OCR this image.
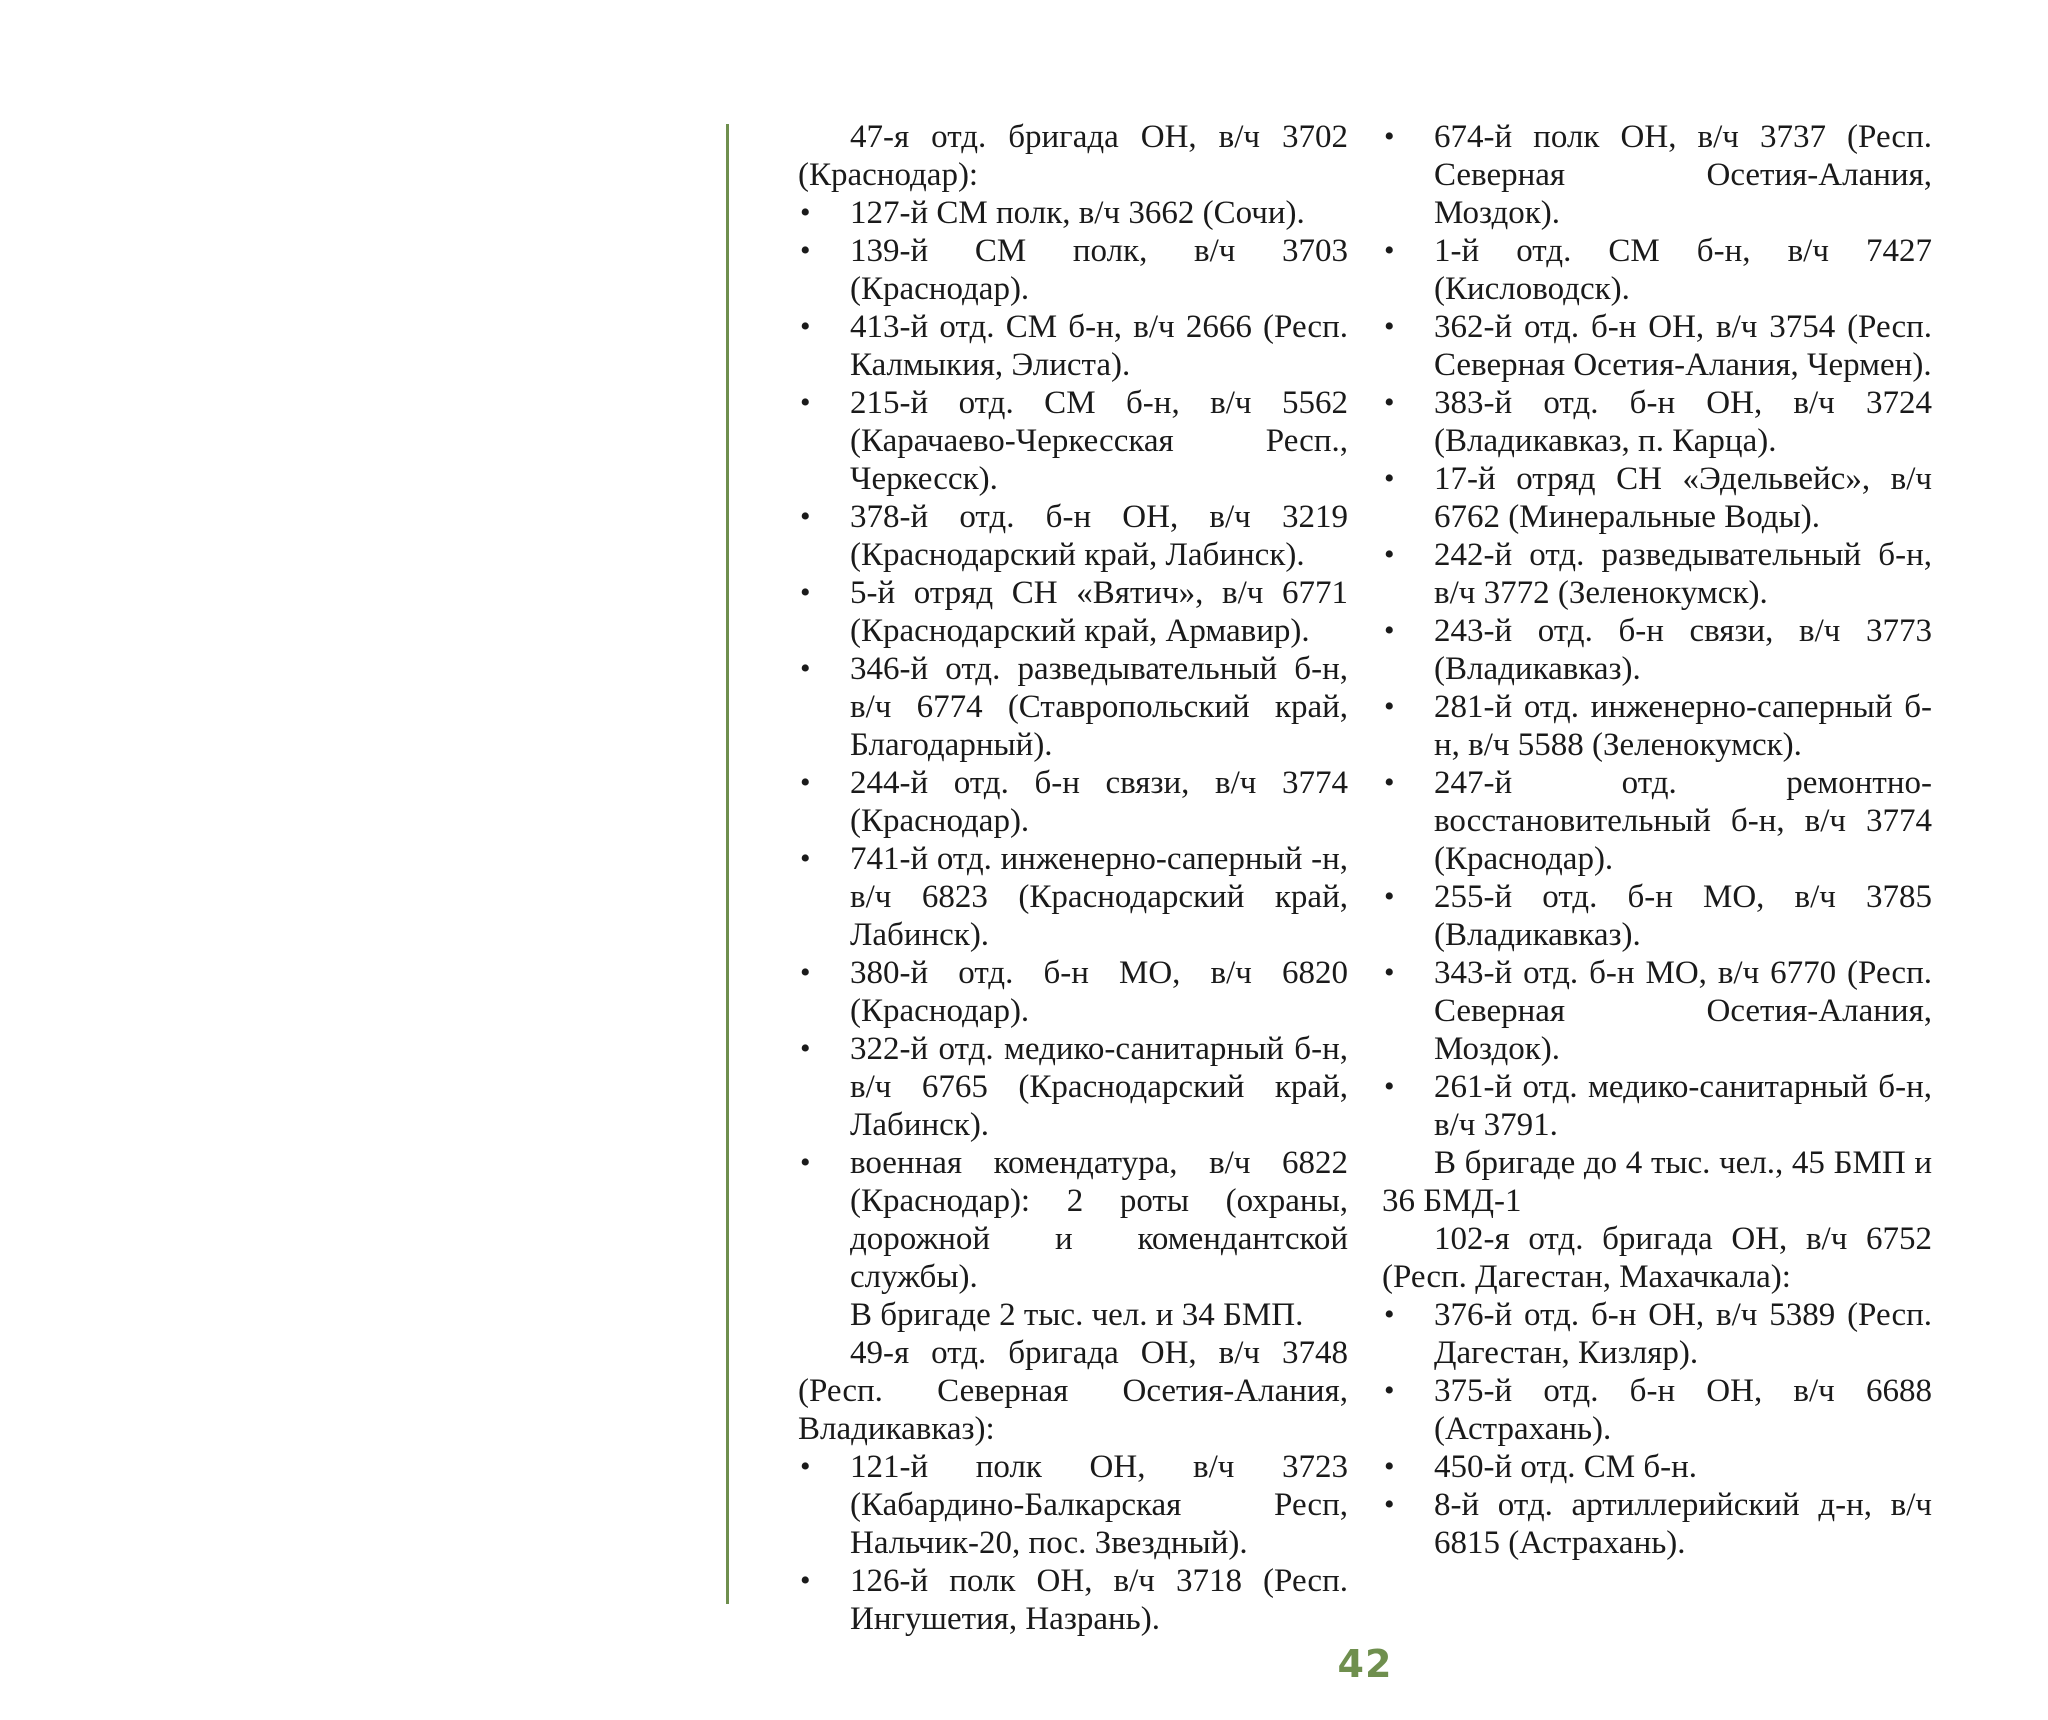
47-я отд. бригада ОН, в/ч 3702 (Краснодар):

• 127-й СМ полк, в/ч 3662 (Сочи).
• 139-й СМ полк, в/ч 3703 (Краснодар).
• 413-й отд. СМ б-н, в/ч 2666 (Респ. Калмыкия, Элиста).
• 215-й отд. СМ б-н, в/ч 5562 (Карачаево-Черкесская Респ., Черкесск).
• 378-й отд. б-н ОН, в/ч 3219 (Краснодарский край, Лабинск).
• 5-й отряд СН «Вятич», в/ч 6771 (Краснодарский край, Армавир).
• 346-й отд. разведывательный б-н, в/ч 6774 (Ставропольский край, Благодарный).
• 244-й отд. б-н связи, в/ч 3774 (Краснодар).
• 741-й отд. инженерно-саперный -н, в/ч 6823 (Краснодарский край, Лабинск).
• 380-й отд. б-н МО, в/ч 6820 (Краснодар).
• 322-й отд. медико-санитарный б-н, в/ч 6765 (Краснодарский край, Лабинск).
• военная комендатура, в/ч 6822 (Краснодар): 2 роты (охраны, дорожной и комендантской службы).

В бригаде 2 тыс. чел. и 34 БМП.

49-я отд. бригада ОН, в/ч 3748 (Респ. Северная Осетия-Алания, Владикавказ):

• 121-й полк ОН, в/ч 3723 (Кабардино-Балкарская Респ, Нальчик-20, пос. Звездный).
• 126-й полк ОН, в/ч 3718 (Респ. Ингушетия, Назрань).
• 674-й полк ОН, в/ч 3737 (Респ. Северная Осетия-Алания, Моздок).
• 1-й отд. СМ б-н, в/ч 7427 (Кисловодск).
• 362-й отд. б-н ОН, в/ч 3754 (Респ. Северная Осетия-Алания, Чермен).
• 383-й отд. б-н ОН, в/ч 3724 (Владикавказ, п. Карца).
• 17-й отряд СН «Эдельвейс», в/ч 6762 (Минеральные Воды).
• 242-й отд. разведывательный б-н, в/ч 3772 (Зеленокумск).
• 243-й отд. б-н связи, в/ч 3773 (Владикавказ).
• 281-й отд. инженерно-саперный б-н, в/ч 5588 (Зеленокумск).
• 247-й отд. ремонтно-восстановительный б-н, в/ч 3774 (Краснодар).
• 255-й отд. б-н МО, в/ч 3785 (Владикавказ).
• 343-й отд. б-н МО, в/ч 6770 (Респ. Северная Осетия-Алания, Моздок).
• 261-й отд. медико-санитарный б-н, в/ч 3791.

В бригаде до 4 тыс. чел., 45 БМП и 36 БМД-1

102-я отд. бригада ОН, в/ч 6752 (Респ. Дагестан, Махачкала):

• 376-й отд. б-н ОН, в/ч 5389 (Респ. Дагестан, Кизляр).
• 375-й отд. б-н ОН, в/ч 6688 (Астрахань).
• 450-й отд. СМ б-н.
• 8-й отд. артиллерийский д-н, в/ч 6815 (Астрахань).
42
